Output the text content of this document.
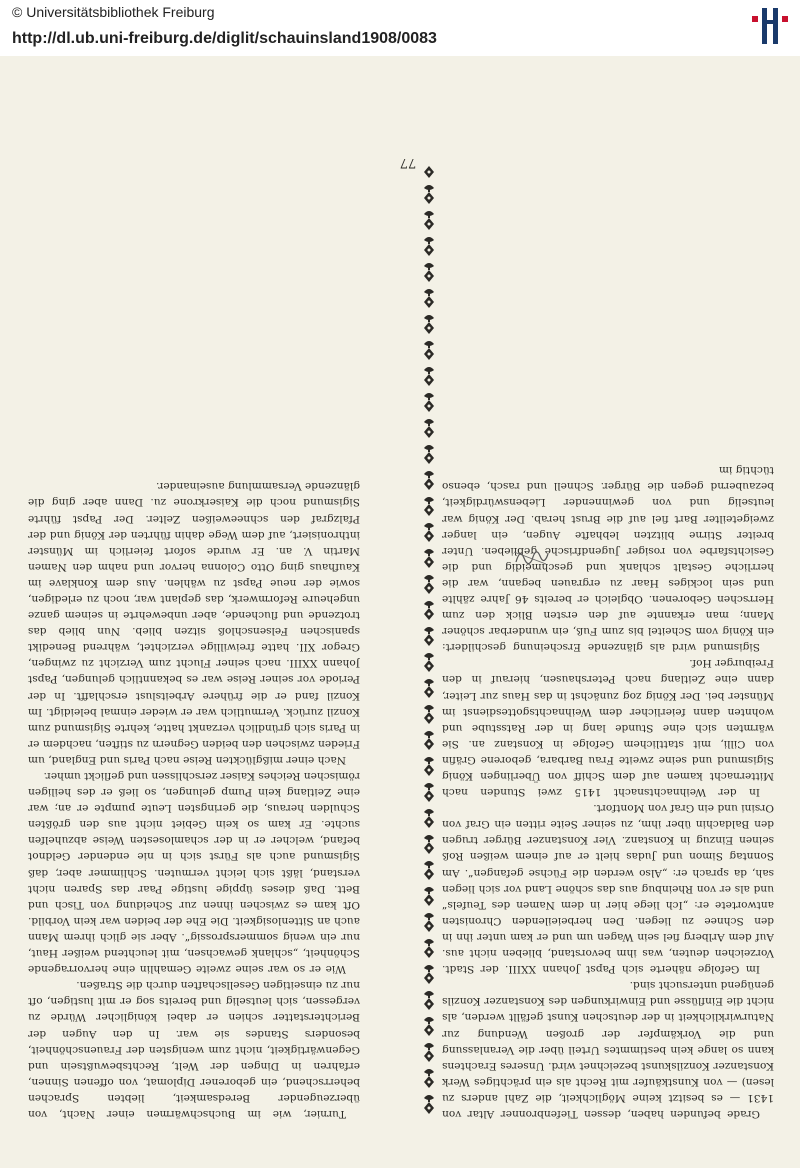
© Universitätsbibliothek Freiburg
http://dl.ub.uni-freiburg.de/diglit/schauinsland1908/0083
77

Grade befunden haben, dessen Tiefenbronner Altar von 1431 — es besitzt keine Möglichkeit, die Zahl anders zu lesen) — von Kunstkäufer mit Recht als ein prächtiges Werk Konstanzer Konzilskunst bezeichnet wird. Unseres Erachtens kann so lange kein bestimmtes Urteil über die Veranlassung und die Vorkämpfer der großen Wendung zur Naturwirklichkeit in der deutschen Kunst gefällt werden, als nicht die Einflüsse und Einwirkungen des Konstanzer Konzils genügend untersucht sind.

Im Gefolge näherte sich Papst Johann XXIII. der Stadt. Vorzeichen deuten, was ihm bevorstand, blieben nicht aus. Auf dem Arlberg fiel sein Wagen um und er kam unter ihn in den Schnee zu liegen. Den herbeieilenden Chronisten antwortete er: „Ich liege hier in dem Namen des Teufels“ und als er von Rheinbug aus das schöne Land vor sich liegen sah, da sprach er: „Also werden die Füchse gefangen“. Am Sonntag Simon und Judas hielt er auf einem weißen Roß seinen Einzug in Konstanz. Vier Konstanzer Bürger trugen den Baldachin über ihm, zu seiner Seite ritten ein Graf von Orsini und ein Graf von Montfort.

In der Weihnachtsnacht 1415 zwei Stunden nach Mitternacht kamen auf dem Schiff von Überlingen König Sigismund und seine zweite Frau Barbara, geborene Gräfin von Cilli, mit stattlichem Gefolge in Konstanz an. Sie wärmten sich eine Stunde lang in der Ratsstube und wohnten dann feierlicher dem Weihnachtsgottesdienst im Münster bei. Der König zog zunächst in das Haus zur Leiter, dann eine Zeitlang nach Petershausen, hierauf in den Freiburger Hof.

Sigismund wird als glänzende Erscheinung geschildert: ein König vom Scheitel bis zum Fuß, ein wunderbar schöner Mann; man erkannte auf den ersten Blick den zum Herrschen Geborenen. Obgleich er bereits 46 Jahre zählte und sein lockiges Haar zu ergrauen begann, war die herrliche Gestalt schlank und geschmeidig und die Gesichtsfarbe von rosiger Jugendfrische geblieben. Unter breiter Stirne blitzten lebhafte Augen, ein langer zweigeteilter Bart fiel auf die Brust herab. Der König war leutselig und von gewinnender Liebenswürdigkeit, bezaubernd gegen die Bürger. Schnell und rasch, ebenso tüchtig im

Turnier, wie im Buchschwärmen einer Nacht, von überzeugender Beredsamkeit, liebten Sprachen beherrschend, ein geborener Diplomat, von offenen Sinnen, erfahren in Dingen der Welt, Rechtsbewußtsein und Gegenwärtigkeit, nicht zum wenigsten der Frauenschönheit, besonders Standes sie war. In den Augen der Berichterstatter schien er dabei königlicher Würde zu vergessen, sich leutselig und bereits sog er mit lustigen, oft nur zu einseitigen Gesellschaften durch die Straßen.

Wie er so war seine zweite Gemahlin eine hervorragende Schönheit, „schlank gewachsen, mit leuchtend weißer Haut, nur ein wenig sommersprossig“. Aber sie glich ihrem Mann auch an Sittenlosigkeit. Die Ehe der beiden war kein Vorbild. Oft kam es zwischen ihnen zur Scheidung von Tisch und Bett. Daß dieses üppige lustige Paar das Sparen nicht verstand, läßt sich leicht vermuten. Schlimmer aber, daß Sigismund auch als Fürst sich in nie endender Geldnot befand, welcher er in der schamlosesten Weise abzuhelfen suchte. Er kam so kein Gebiet nicht aus den größten Schulden heraus, die geringsten Leute pumpte er an; war eine Zeitlang kein Pump gelungen, so ließ er des heiligen römischen Reiches Kaiser zerschlissen und geflickt umher.

Nach einer mißglückten Reise nach Paris und England, um Frieden zwischen den beiden Gegnern zu stiften, nachdem er in Paris sich gründlich verzankt hatte, kehrte Sigismund zum Konzil zurück. Vermutlich war er wieder einmal beleidigt. Im Konzil fand er die frühere Arbeitslust erschlafft. In der Periode vor seiner Reise war es bekanntlich gelungen, Papst Johann XXIII. nach seiner Flucht zum Verzicht zu zwingen, Gregor XII. hatte freiwillige verzichtet, während Benedikt spanischen Felsenschloß sitzen blieb. Nun blieb das trotzende und fluchende, aber unbewehrte in seinem ganze ungeheure Reformwerk, das geplant war, noch zu erledigen, sowie der neue Papst zu wählen. Aus dem Konklave im Kaufhaus ging Otto Colonna hervor und nahm den Namen Martin V. an. Er wurde sofort feierlich im Münster inthronisiert, auf dem Wege dahin führten der König und der Pfalzgraf den schneeweißen Zelter. Der Papst führte Sigismund noch die Kaiserkrone zu. Dann aber ging die glänzende Versammlung auseinander.
